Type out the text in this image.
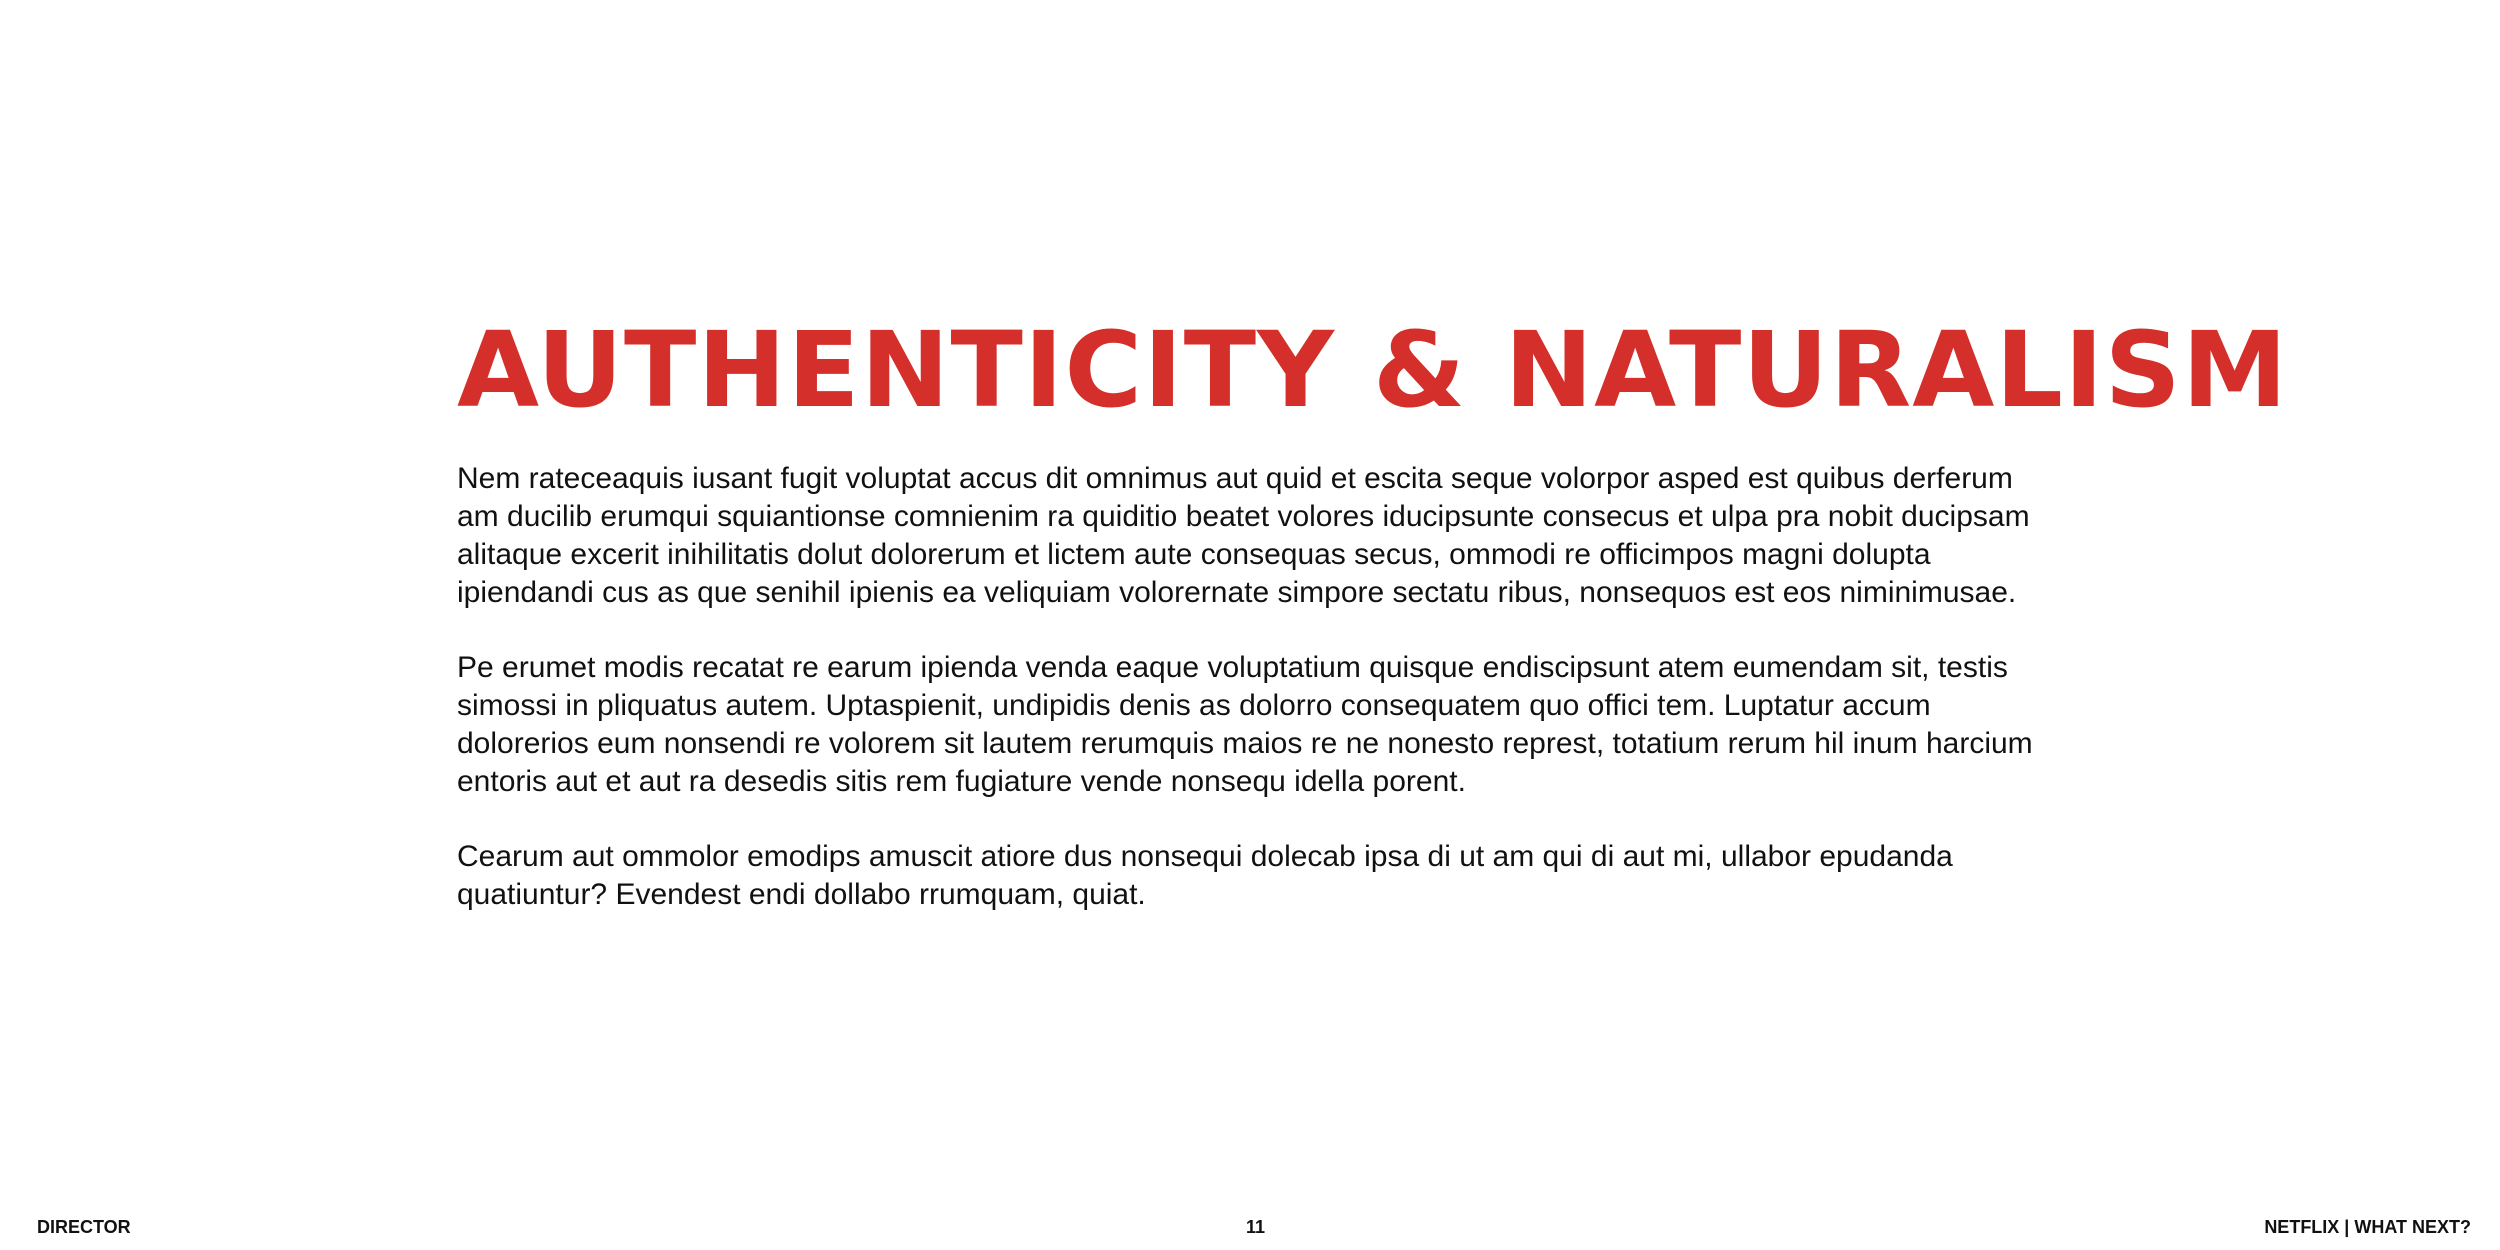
AUTHENTICITY & NATURALISM

Nem rateceaquis iusant fugit voluptat accus dit omnimus aut quid et escita seque volorpor asped est quibus derferum am ducilib erumqui squiantionse comnienim ra quiditio beatet volores iducipsunte consecus et ulpa pra nobit ducipsam alitaque excerit inihilitatis dolut dolorerum et lictem aute consequas secus, ommodi re officimpos magni dolupta ipiendandi cus as que senihil ipienis ea veliquiam volorernate simpore sectatu ribus, nonsequos est eos niminimusae.

Pe erumet modis recatat re earum ipienda venda eaque voluptatium quisque endiscipsunt atem eumendam sit, testis simossi in pliquatus autem. Uptaspienit, undipidis denis as dolorro consequatem quo offici tem. Luptatur accum dolorerios eum nonsendi re volorem sit lautem rerumquis maios re ne nonesto represt, totatium rerum hil inum harcium entoris aut et aut ra desedis sitis rem fugiature vende nonsequ idella porent.

Cearum aut ommolor emodips amuscit atiore dus nonsequi dolecab ipsa di ut am qui di aut mi, ullabor epudanda quatiuntur? Evendest endi dollabo rrumquam, quiat.

DIRECTOR	11	NETFLIX | WHAT NEXT?
